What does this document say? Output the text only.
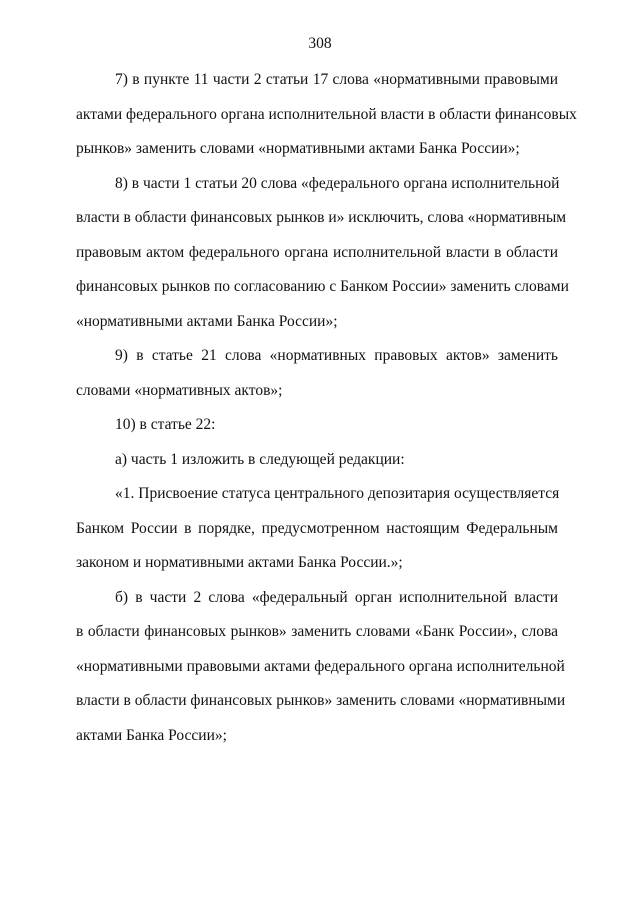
308
7) в пункте 11 части 2 статьи 17 слова «нормативными правовыми
актами федерального органа исполнительной власти в области финансовых
рынков» заменить словами «нормативными актами Банка России»;
8) в части 1 статьи 20 слова «федерального органа исполнительной
власти в области финансовых рынков и» исключить, слова «нормативным
правовым актом федерального органа исполнительной власти в области
финансовых рынков по согласованию с Банком России» заменить словами
«нормативными актами Банка России»;
9) в статье 21 слова «нормативных правовых актов» заменить
словами «нормативных актов»;
10) в статье 22:
а) часть 1 изложить в следующей редакции:
«1. Присвоение статуса центрального депозитария осуществляется
Банком России в порядке, предусмотренном настоящим Федеральным
законом и нормативными актами Банка России.»;
б) в части 2 слова «федеральный орган исполнительной власти
в области финансовых рынков» заменить словами «Банк России», слова
«нормативными правовыми актами федерального органа исполнительной
власти в области финансовых рынков» заменить словами «нормативными
актами Банка России»;
